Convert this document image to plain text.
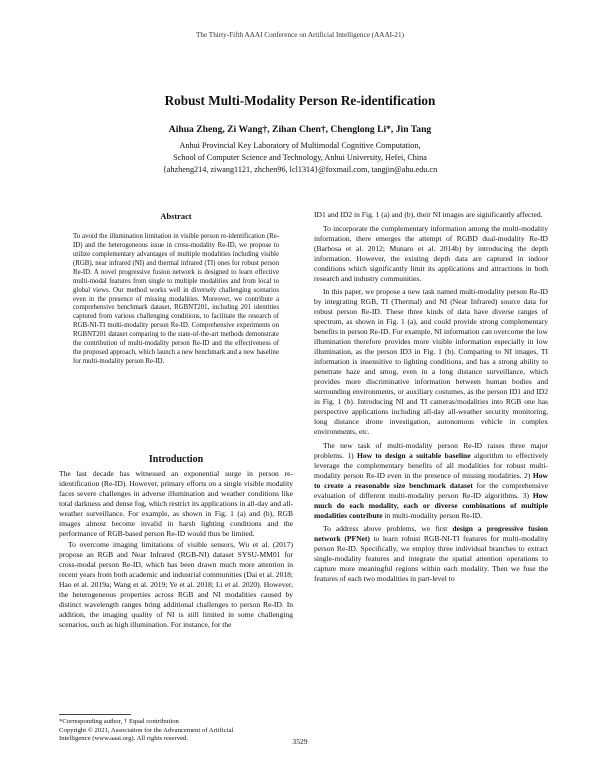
The Thirty-Fifth AAAI Conference on Artificial Intelligence (AAAI-21)
Robust Multi-Modality Person Re-identification
Aihua Zheng, Zi Wang†, Zihan Chen†, Chenglong Li*, Jin Tang
Anhui Provincial Key Laboratory of Multimodal Cognitive Computation,
School of Computer Science and Technology, Anhui University, Hefei, China
{ahzheng214, ziwang1121, zhchen96, lcl1314}@foxmail.com, tangjin@ahu.edu.cn
Abstract

To avoid the illumination limitation in visible person re-identification (Re-ID) and the heterogeneous issue in cross-modality Re-ID, we propose to utilize complementary advantages of multiple modalities including visible (RGB), near infrared (NI) and thermal infrared (TI) ones for robust person Re-ID. A novel progressive fusion network is designed to learn effective multi-modal features from single to multiple modalities and from local to global views. Our method works well in diversely challenging scenarios even in the presence of missing modalities. Moreover, we contribute a comprehensive benchmark dataset, RGBNT201, including 201 identities captured from various challenging conditions, to facilitate the research of RGB-NI-TI multi-modality person Re-ID. Comprehensive experiments on RGBNT201 dataset comparing to the state-of-the-art methods demonstrate the contribution of multi-modality person Re-ID and the effectiveness of the proposed approach, which launch a new benchmark and a new baseline for multi-modality person Re-ID.

Introduction

The last decade has witnessed an exponential surge in person re-identification (Re-ID). However, primary efforts on a single visible modality faces severe challenges in adverse illumination and weather conditions like total darkness and dense fog, which restrict its applications in all-day and all-weather surveillance. For example, as shown in Fig. 1 (a) and (b), RGB images almost become invalid in harsh lighting conditions and the performance of RGB-based person Re-ID would thus be limited.

To overcome imaging limitations of visible sensors, Wu et al. (2017) propose an RGB and Near Infrared (RGB-NI) dataset SYSU-MM01 for cross-modal person Re-ID, which has been drawn much more attention in recent years from both academic and industrial communities (Dai et al. 2018; Hao et al. 2019a; Wang et al. 2019; Ye et al. 2018; Li et al. 2020). However, the heterogeneous properties across RGB and NI modalities caused by distinct wavelength ranges bring additional challenges to person Re-ID. In addition, the imaging quality of NI is still limited in some challenging scenarios, such as high illumination. For instance, for the

*Corresponding author, † Equal contribution
Copyright © 2021, Association for the Advancement of Artificial
Intelligence (www.aaai.org). All rights reserved.

ID1 and ID2 in Fig. 1 (a) and (b), their NI images are significantly affected.

To incorporate the complementary information among the multi-modality information, there emerges the attempt of RGBD dual-modality Re-ID (Barbosa et al. 2012; Munaro et al. 2014b) by introducing the depth information. However, the existing depth data are captured in indoor conditions which significantly limit its applications and attractions in both research and industry communities.

In this paper, we propose a new task named multi-modality person Re-ID by integrating RGB, TI (Thermal) and NI (Near Infrared) source data for robust person Re-ID. These three kinds of data have diverse ranges of spectrum, as shown in Fig. 1 (a), and could provide strong complementary benefits in person Re-ID. For example, NI information can overcome the low illumination therefore provides more visible information especially in low illumination, as the person ID3 in Fig. 1 (b). Comparing to NI images, TI information is insensitive to lighting conditions, and has a strong ability to penetrate haze and smog, even in a long distance surveillance, which provides more discriminative information between human bodies and surrounding environments, or auxiliary costumes, as the person ID1 and ID2 in Fig. 1 (b). Introducing NI and TI cameras/modalities into RGB one has perspective applications including all-day all-weather security monitoring, long distance drone investigation, autonomous vehicle in complex environments, etc.

The new task of multi-modality person Re-ID raises three major problems. 1) How to design a suitable baseline algorithm to effectively leverage the complementary benefits of all modalities for robust multi-modality person Re-ID even in the presence of missing modalities. 2) How to create a reasonable size benchmark dataset for the comprehensive evaluation of different multi-modality person Re-ID algorithms. 3) How much do each modality, each or diverse combinations of multiple modalities contribute in multi-modality person Re-ID.

To address above problems, we first design a progressive fusion network (PFNet) to learn robust RGB-NI-TI features for multi-modality person Re-ID. Specifically, we employ three individual branches to extract single-modality features and integrate the spatial attention operations to capture more meaningful regions within each modality. Then we fuse the features of each two modalities in part-level to

3529
